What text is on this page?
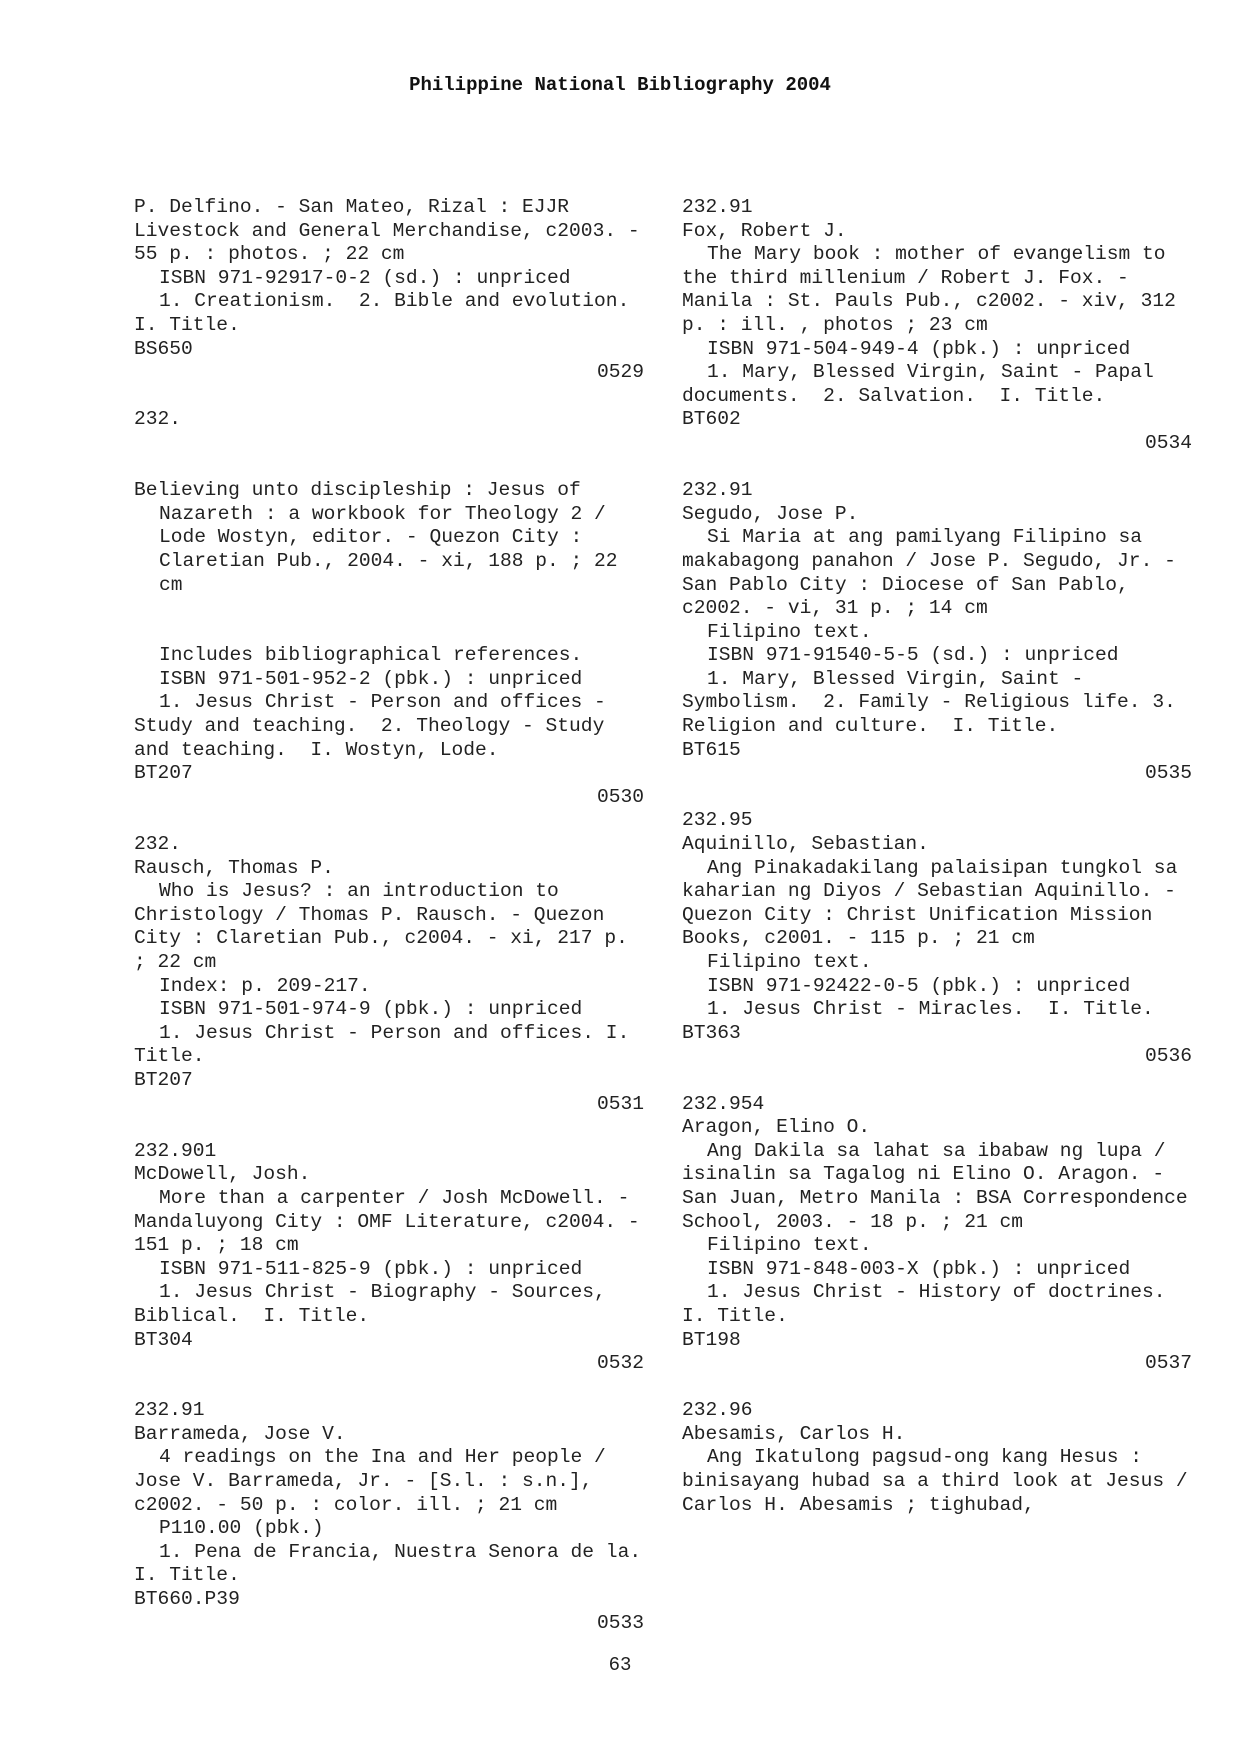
Philippine National Bibliography 2004
P. Delfino. - San Mateo, Rizal : EJJR Livestock and General Merchandise, c2003. - 55 p. : photos. ; 22 cm
ISBN 971-92917-0-2 (sd.) : unpriced
1. Creationism.  2. Bible and evolution.  I. Title.
BS650
0529
232.

Believing unto discipleship : Jesus of Nazareth : a workbook for Theology 2 / Lode Wostyn, editor. - Quezon City : Claretian Pub., 2004. - xi, 188 p. ; 22 cm

Includes bibliographical references.
ISBN 971-501-952-2 (pbk.) : unpriced
1. Jesus Christ - Person and offices - Study and teaching.  2. Theology - Study and teaching.  I. Wostyn, Lode.
BT207
0530
232.
Rausch, Thomas P.
Who is Jesus? : an introduction to Christology / Thomas P. Rausch. - Quezon City : Claretian Pub., c2004. - xi, 217 p. ; 22 cm
Index: p. 209-217.
ISBN 971-501-974-9 (pbk.) : unpriced
1. Jesus Christ - Person and offices. I. Title.
BT207
0531
232.901
McDowell, Josh.
More than a carpenter / Josh McDowell. - Mandaluyong City : OMF Literature, c2004. - 151 p. ; 18 cm
ISBN 971-511-825-9 (pbk.) : unpriced
1. Jesus Christ - Biography - Sources, Biblical.  I. Title.
BT304
0532
232.91
Barrameda, Jose V.
4 readings on the Ina and Her people / Jose V. Barrameda, Jr. - [S.l. : s.n.], c2002. - 50 p. : color. ill. ; 21 cm
P110.00 (pbk.)
1. Pena de Francia, Nuestra Senora de la.  I. Title.
BT660.P39
0533
232.91
Fox, Robert J.
The Mary book : mother of evangelism to the third millenium / Robert J. Fox. - Manila : St. Pauls Pub., c2002. - xiv, 312 p. : ill. , photos ; 23 cm
ISBN 971-504-949-4 (pbk.) : unpriced
1. Mary, Blessed Virgin, Saint - Papal documents.  2. Salvation.  I. Title.
BT602
0534
232.91
Segudo, Jose P.
Si Maria at ang pamilyang Filipino sa makabagong panahon / Jose P. Segudo, Jr. - San Pablo City : Diocese of San Pablo, c2002. - vi, 31 p. ; 14 cm
Filipino text.
ISBN 971-91540-5-5 (sd.) : unpriced
1. Mary, Blessed Virgin, Saint - Symbolism.  2. Family - Religious life. 3. Religion and culture.  I. Title.
BT615
0535
232.95
Aquinillo, Sebastian.
Ang Pinakadakilang palaisipan tungkol sa kaharian ng Diyos / Sebastian Aquinillo. - Quezon City : Christ Unification Mission Books, c2001. - 115 p. ; 21 cm
Filipino text.
ISBN 971-92422-0-5 (pbk.) : unpriced
1. Jesus Christ - Miracles.  I. Title.
BT363
0536
232.954
Aragon, Elino O.
Ang Dakila sa lahat sa ibabaw ng lupa / isinalin sa Tagalog ni Elino O. Aragon. - San Juan, Metro Manila : BSA Correspondence School, 2003. - 18 p. ; 21 cm
Filipino text.
ISBN 971-848-003-X (pbk.) : unpriced
1. Jesus Christ - History of doctrines.  I. Title.
BT198
0537
232.96
Abesamis, Carlos H.
Ang Ikatulong pagsud-ong kang Hesus : binisayang hubad sa a third look at Jesus / Carlos H. Abesamis ; tighubad,
63
